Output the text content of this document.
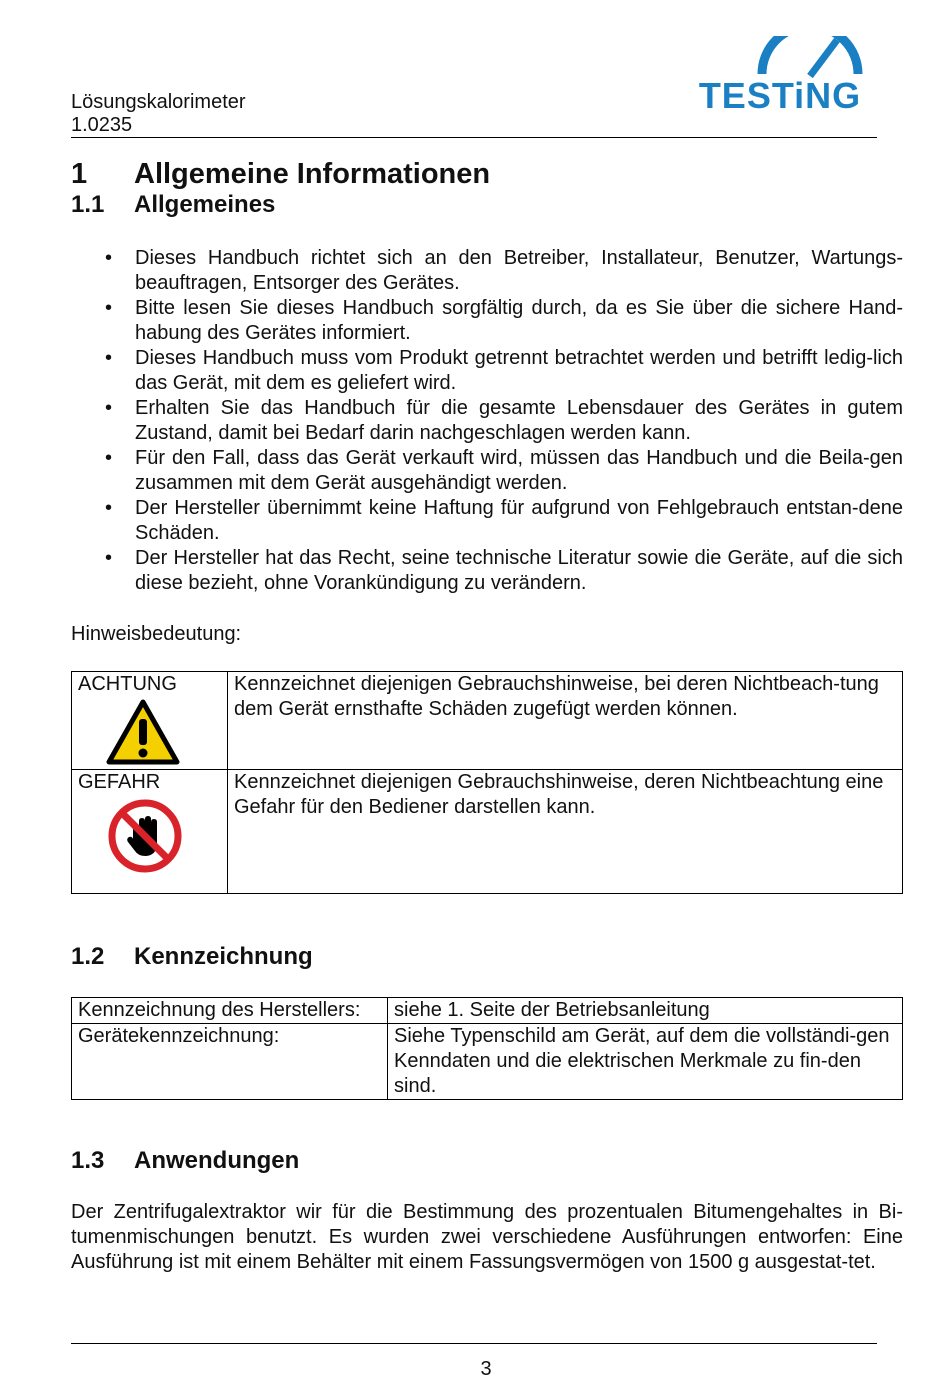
Lösungskalorimeter
1.0235
TESTiNG
1 Allgemeine Informationen
1.1 Allgemeines
• Dieses Handbuch richtet sich an den Betreiber, Installateur, Benutzer, Wartungs-beauftragen, Entsorger des Gerätes.
• Bitte lesen Sie dieses Handbuch sorgfältig durch, da es Sie über die sichere Hand-habung des Gerätes informiert.
• Dieses Handbuch muss vom Produkt getrennt betrachtet werden und betrifft ledig-lich das Gerät, mit dem es geliefert wird.
• Erhalten Sie das Handbuch für die gesamte Lebensdauer des Gerätes in gutem Zustand, damit bei Bedarf darin nachgeschlagen werden kann.
• Für den Fall, dass das Gerät verkauft wird, müssen das Handbuch und die Beila-gen zusammen mit dem Gerät ausgehändigt werden.
• Der Hersteller übernimmt keine Haftung für aufgrund von Fehlgebrauch entstan-dene Schäden.
• Der Hersteller hat das Recht, seine technische Literatur sowie die Geräte, auf die sich diese bezieht, ohne Vorankündigung zu verändern.
Hinweisbedeutung:
ACHTUNG	Kennzeichnet diejenigen Gebrauchshinweise, bei deren Nichtbeach-tung dem Gerät ernsthafte Schäden zugefügt werden können.

GEFAHR	Kennzeichnet diejenigen Gebrauchshinweise, deren Nichtbeachtung eine Gefahr für den Bediener darstellen kann.
1.2 Kennzeichnung
Kennzeichnung des Herstellers:	siehe 1. Seite der Betriebsanleitung
Gerätekennzeichnung:	Siehe Typenschild am Gerät, auf dem die vollständi-gen Kenndaten und die elektrischen Merkmale zu fin-den sind.
1.3 Anwendungen
Der Zentrifugalextraktor wir für die Bestimmung des prozentualen Bitumengehaltes in Bi-tumenmischungen benutzt. Es wurden zwei verschiedene Ausführungen entworfen: Eine Ausführung ist mit einem Behälter mit einem Fassungsvermögen von 1500 g ausgestat-tet.
3
